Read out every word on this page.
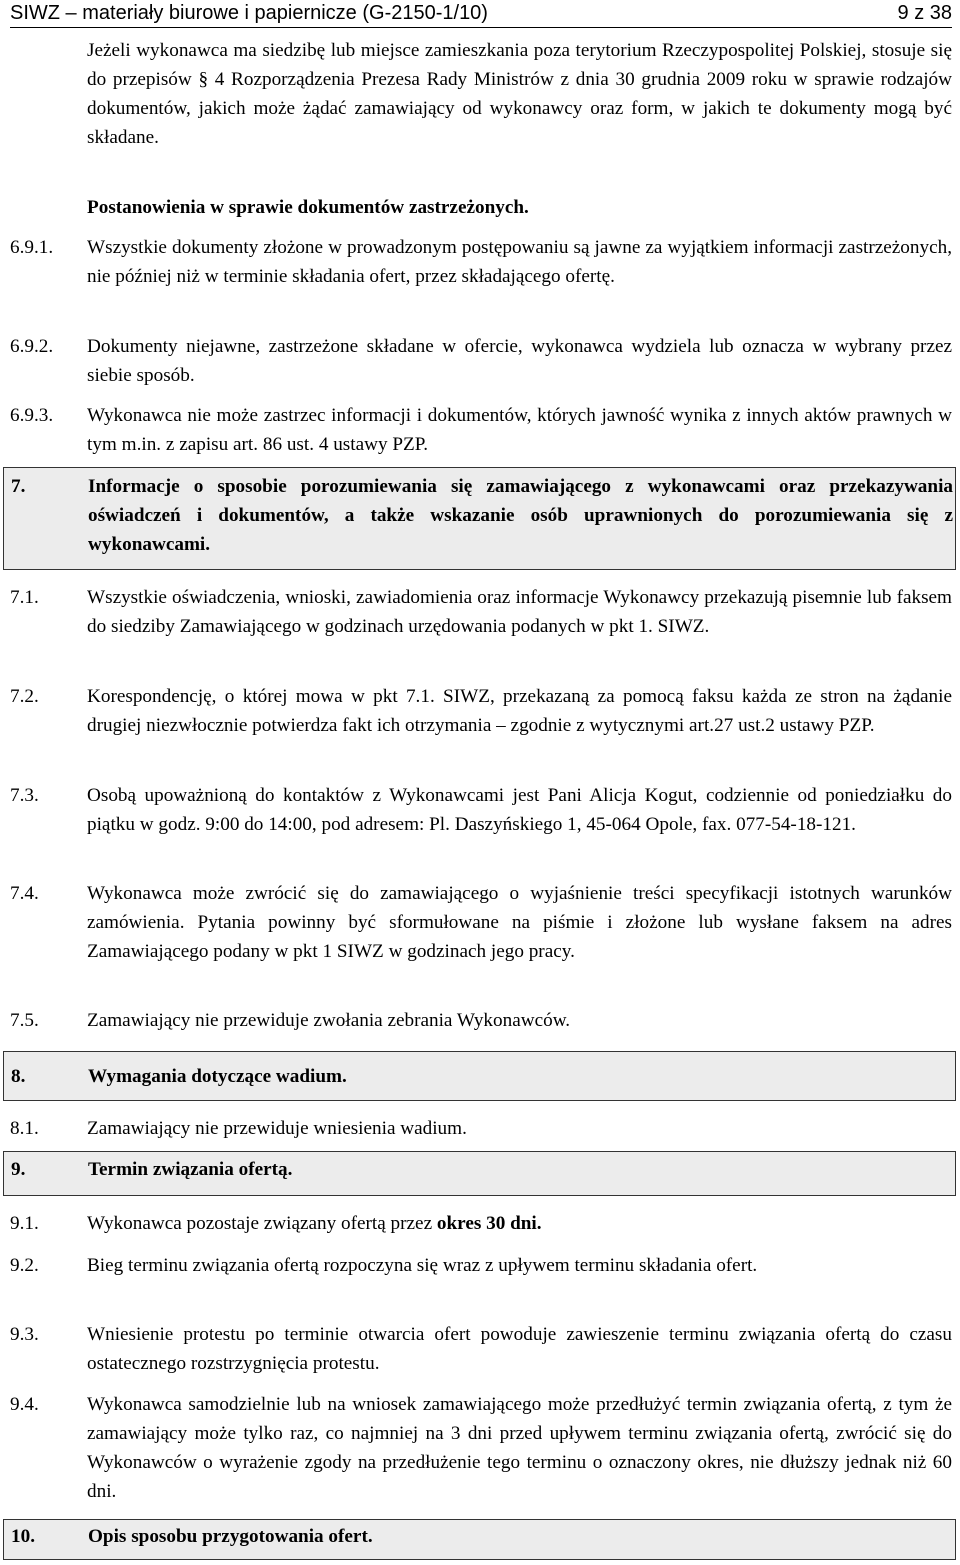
SIWZ – materiały biurowe i papiernicze (G-2150-1/10)	9 z 38
Jeżeli wykonawca ma siedzibę lub miejsce zamieszkania poza terytorium Rzeczypospolitej Polskiej, stosuje się do przepisów § 4 Rozporządzenia Prezesa Rady Ministrów z dnia 30 grudnia 2009 roku w sprawie rodzajów dokumentów, jakich może żądać zamawiający od wykonawcy oraz form, w jakich te dokumenty mogą być składane.
Postanowienia w sprawie dokumentów zastrzeżonych.
6.9.1. Wszystkie dokumenty złożone w prowadzonym postępowaniu są jawne za wyjątkiem informacji zastrzeżonych, nie później niż w terminie składania ofert, przez składającego ofertę.
6.9.2. Dokumenty niejawne, zastrzeżone składane w ofercie, wykonawca wydziela lub oznacza w wybrany przez siebie sposób.
6.9.3. Wykonawca nie może zastrzec informacji i dokumentów, których jawność wynika z innych aktów prawnych w tym m.in. z zapisu art. 86 ust. 4 ustawy PZP.
7.	Informacje o sposobie porozumiewania się zamawiającego z wykonawcami oraz przekazywania oświadczeń i dokumentów, a także wskazanie osób uprawnionych do porozumiewania się z wykonawcami.
7.1.	Wszystkie oświadczenia, wnioski, zawiadomienia oraz informacje Wykonawcy przekazują pisemnie lub faksem do siedziby Zamawiającego w godzinach urzędowania podanych w pkt 1. SIWZ.
7.2.	Korespondencję, o której mowa w pkt 7.1. SIWZ, przekazaną za pomocą faksu każda ze stron na żądanie drugiej niezwłocznie potwierdza fakt ich otrzymania – zgodnie z wytycznymi art.27 ust.2 ustawy PZP.
7.3.	Osobą upoważnioną do kontaktów z Wykonawcami jest Pani Alicja Kogut, codziennie od poniedziałku do piątku w godz. 9:00 do 14:00, pod adresem: Pl. Daszyńskiego 1, 45-064 Opole, fax. 077-54-18-121.
7.4.	Wykonawca może zwrócić się do zamawiającego o wyjaśnienie treści specyfikacji istotnych warunków zamówienia. Pytania powinny być sformułowane na piśmie i złożone lub wysłane faksem na adres Zamawiającego podany w pkt 1 SIWZ w godzinach jego pracy.
7.5.	Zamawiający nie przewiduje zwołania zebrania Wykonawców.
8.	Wymagania dotyczące wadium.
8.1.	Zamawiający nie przewiduje wniesienia wadium.
9.	Termin związania ofertą.
9.1.	Wykonawca pozostaje związany ofertą przez okres 30 dni.
9.2.	Bieg terminu związania ofertą rozpoczyna się wraz z upływem terminu składania ofert.
9.3.	Wniesienie protestu po terminie otwarcia ofert powoduje zawieszenie terminu związania ofertą do czasu ostatecznego rozstrzygnięcia protestu.
9.4.	Wykonawca samodzielnie lub na wniosek zamawiającego może przedłużyć termin związania ofertą, z tym że zamawiający może tylko raz, co najmniej na 3 dni przed upływem terminu związania ofertą, zwrócić się do Wykonawców o wyrażenie zgody na przedłużenie tego terminu o oznaczony okres, nie dłuższy jednak niż 60 dni.
10.	Opis sposobu przygotowania ofert.
